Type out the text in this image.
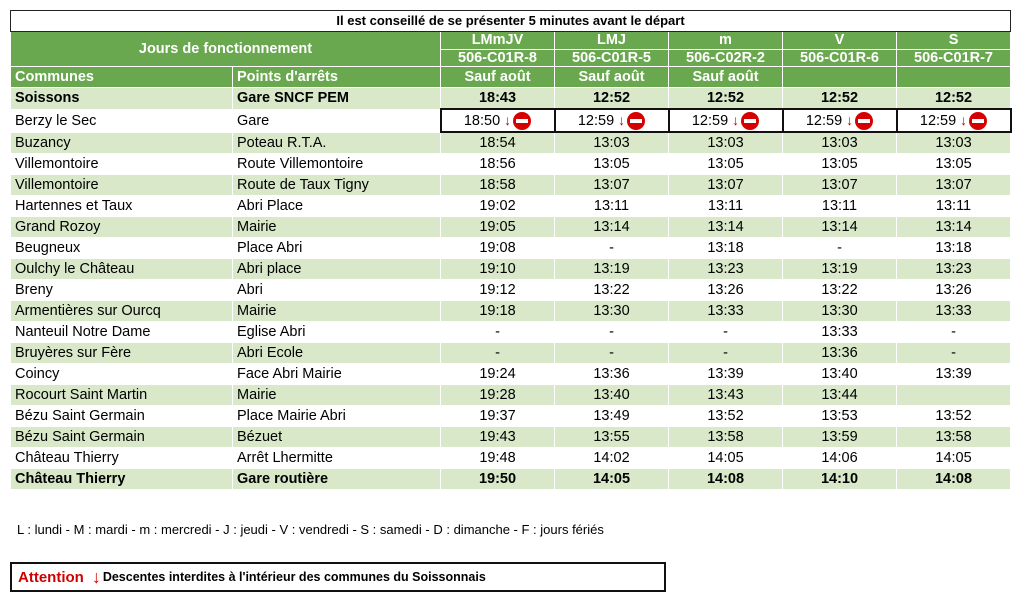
Il est conseillé de se présenter 5 minutes avant le départ						
Jours de fonctionnement		LMmJV	LMJ	m	V	S
		506-C01R-8	506-C01R-5	506-C02R-2	506-C01R-6	506-C01R-7
Communes	Points d'arrêts	Sauf août	Sauf août	Sauf août		
Soissons	Gare SNCF PEM	18:43	12:52	12:52	12:52	12:52
Berzy le Sec	Gare	18:50 ↓	12:59 ↓	12:59 ↓	12:59 ↓	12:59 ↓
Buzancy	Poteau R.T.A.	18:54	13:03	13:03	13:03	13:03
Villemontoire	Route Villemontoire	18:56	13:05	13:05	13:05	13:05
Villemontoire	Route de Taux Tigny	18:58	13:07	13:07	13:07	13:07
Hartennes et Taux	Abri Place	19:02	13:11	13:11	13:11	13:11
Grand Rozoy	Mairie	19:05	13:14	13:14	13:14	13:14
Beugneux	Place Abri	19:08	-	13:18	-	13:18
Oulchy le Château	Abri place	19:10	13:19	13:23	13:19	13:23
Breny	Abri	19:12	13:22	13:26	13:22	13:26
Armentières sur Ourcq	Mairie	19:18	13:30	13:33	13:30	13:33
Nanteuil Notre Dame	Eglise Abri	-	-	-	13:33	-
Bruyères sur Fère	Abri Ecole	-	-	-	13:36	-
Coincy	Face Abri Mairie	19:24	13:36	13:39	13:40	13:39
Rocourt Saint Martin	Mairie	19:28	13:40	13:43	13:44	
Bézu Saint Germain	Place Mairie Abri	19:37	13:49	13:52	13:53	13:52
Bézu Saint Germain	Bézuet	19:43	13:55	13:58	13:59	13:58
Château Thierry	Arrêt Lhermitte	19:48	14:02	14:05	14:06	14:05
Château Thierry	Gare routière	19:50	14:05	14:08	14:10	14:08
L : lundi - M : mardi - m : mercredi - J : jeudi - V : vendredi - S : samedi - D : dimanche - F : jours fériés
Attention ↓ Descentes interdites à l'intérieur des communes du Soissonnais
